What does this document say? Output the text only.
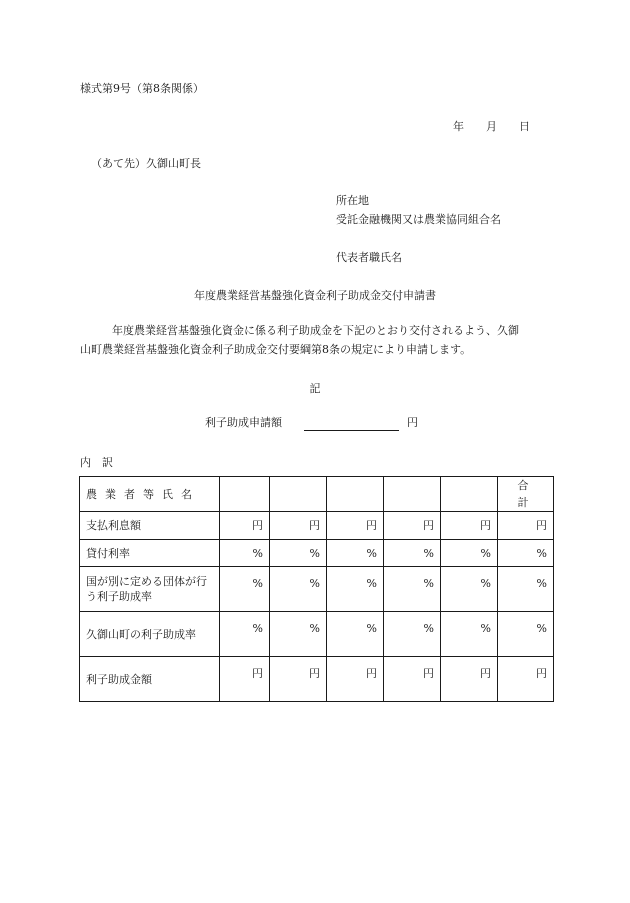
様式第9号（第8条関係）
年 月 日
（あて先）久御山町長
所在地
受託金融機関又は農業協同組合名
代表者職氏名
年度農業経営基盤強化資金利子助成金交付申請書
年度農業経営基盤強化資金に係る利子助成金を下記のとおり交付されるよう、久御
山町農業経営基盤強化資金利子助成金交付要綱第8条の規定により申請します。
記
利子助成申請額	円
内　訳
農業者等氏名						合計
支払利息額	円	円	円	円	円	円
貸付利率	%	%	%	%	%	%
国が別に定める団体が行う利子助成率	%	%	%	%	%	%
久御山町の利子助成率	%	%	%	%	%	%
利子助成金額	円	円	円	円	円	円
